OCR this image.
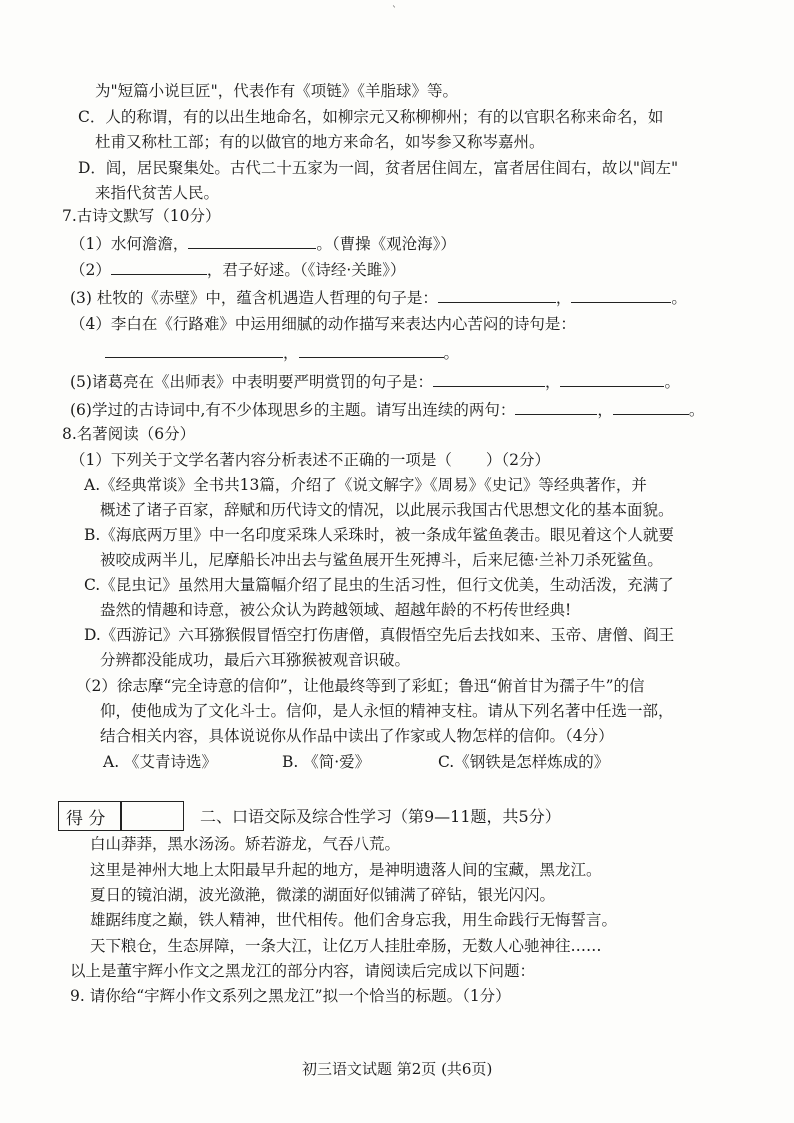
`
为"短篇小说巨匠"，代表作有《项链》《羊脂球》等。
C．人的称谓，有的以出生地命名，如柳宗元又称柳柳州；有的以官职名称来命名，如
杜甫又称杜工部；有的以做官的地方来命名，如岑参又称岑嘉州。
D．闾，居民聚集处。古代二十五家为一闾，贫者居住闾左，富者居住闾右，故以"闾左"
来指代贫苦人民。
7.古诗文默写（10分）
（1）水何澹澹，	。（曹操《观沧海》）
（2）	，君子好逑。（《诗经·关雎》）
(3) 杜牧的《赤壁》中，蕴含机遇造人哲理的句子是：	，	。
（4）李白在《行路难》中运用细腻的动作描写来表达内心苦闷的诗句是：
，	。
(5)诸葛亮在《出师表》中表明要严明赏罚的句子是：	，	。
(6)学过的古诗词中,有不少体现思乡的主题。请写出连续的两句：	，	。
8.名著阅读（6分）
（1）下列关于文学名著内容分析表述不正确的一项是（ ）（2分）
A.《经典常谈》全书共13篇，介绍了《说文解字》《周易》《史记》等经典著作，并
概述了诸子百家，辞赋和历代诗文的情况，以此展示我国古代思想文化的基本面貌。
B.《海底两万里》中一名印度采珠人采珠时，被一条成年鲨鱼袭击。眼见着这个人就要
被咬成两半儿，尼摩船长冲出去与鲨鱼展开生死搏斗，后来尼德·兰补刀杀死鲨鱼。
C.《昆虫记》虽然用大量篇幅介绍了昆虫的生活习性，但行文优美，生动活泼，充满了
盎然的情趣和诗意，被公众认为跨越领域、超越年龄的不朽传世经典!
D.《西游记》六耳猕猴假冒悟空打伤唐僧，真假悟空先后去找如来、玉帝、唐僧、阎王
分辨都没能成功，最后六耳猕猴被观音识破。
（2）徐志摩“完全诗意的信仰”，让他最终等到了彩虹；鲁迅“俯首甘为孺子牛”的信
仰，使他成为了文化斗士。信仰，是人永恒的精神支柱。请从下列名著中任选一部，
结合相关内容，具体说说你从作品中读出了作家或人物怎样的信仰。（4分）
A. 《艾青诗选》	B. 《简·爱》	C.《钢铁是怎样炼成的》
得 分	二、口语交际及综合性学习（第9—11题，共5分）
白山莽莽，黑水汤汤。矫若游龙，气吞八荒。
这里是神州大地上太阳最早升起的地方，是神明遗落人间的宝藏，黑龙江。
夏日的镜泊湖，波光潋滟，微漾的湖面好似铺满了碎钻，银光闪闪。
雄踞纬度之巅，铁人精神，世代相传。他们舍身忘我，用生命践行无悔誓言。
天下粮仓，生态屏障，一条大江，让亿万人挂肚牵肠，无数人心驰神往……
以上是董宇辉小作文之黑龙江的部分内容，请阅读后完成以下问题：
9. 请你给“宇辉小作文系列之黑龙江”拟一个恰当的标题。（1分）
初三语文试题 第2页 (共6页)
